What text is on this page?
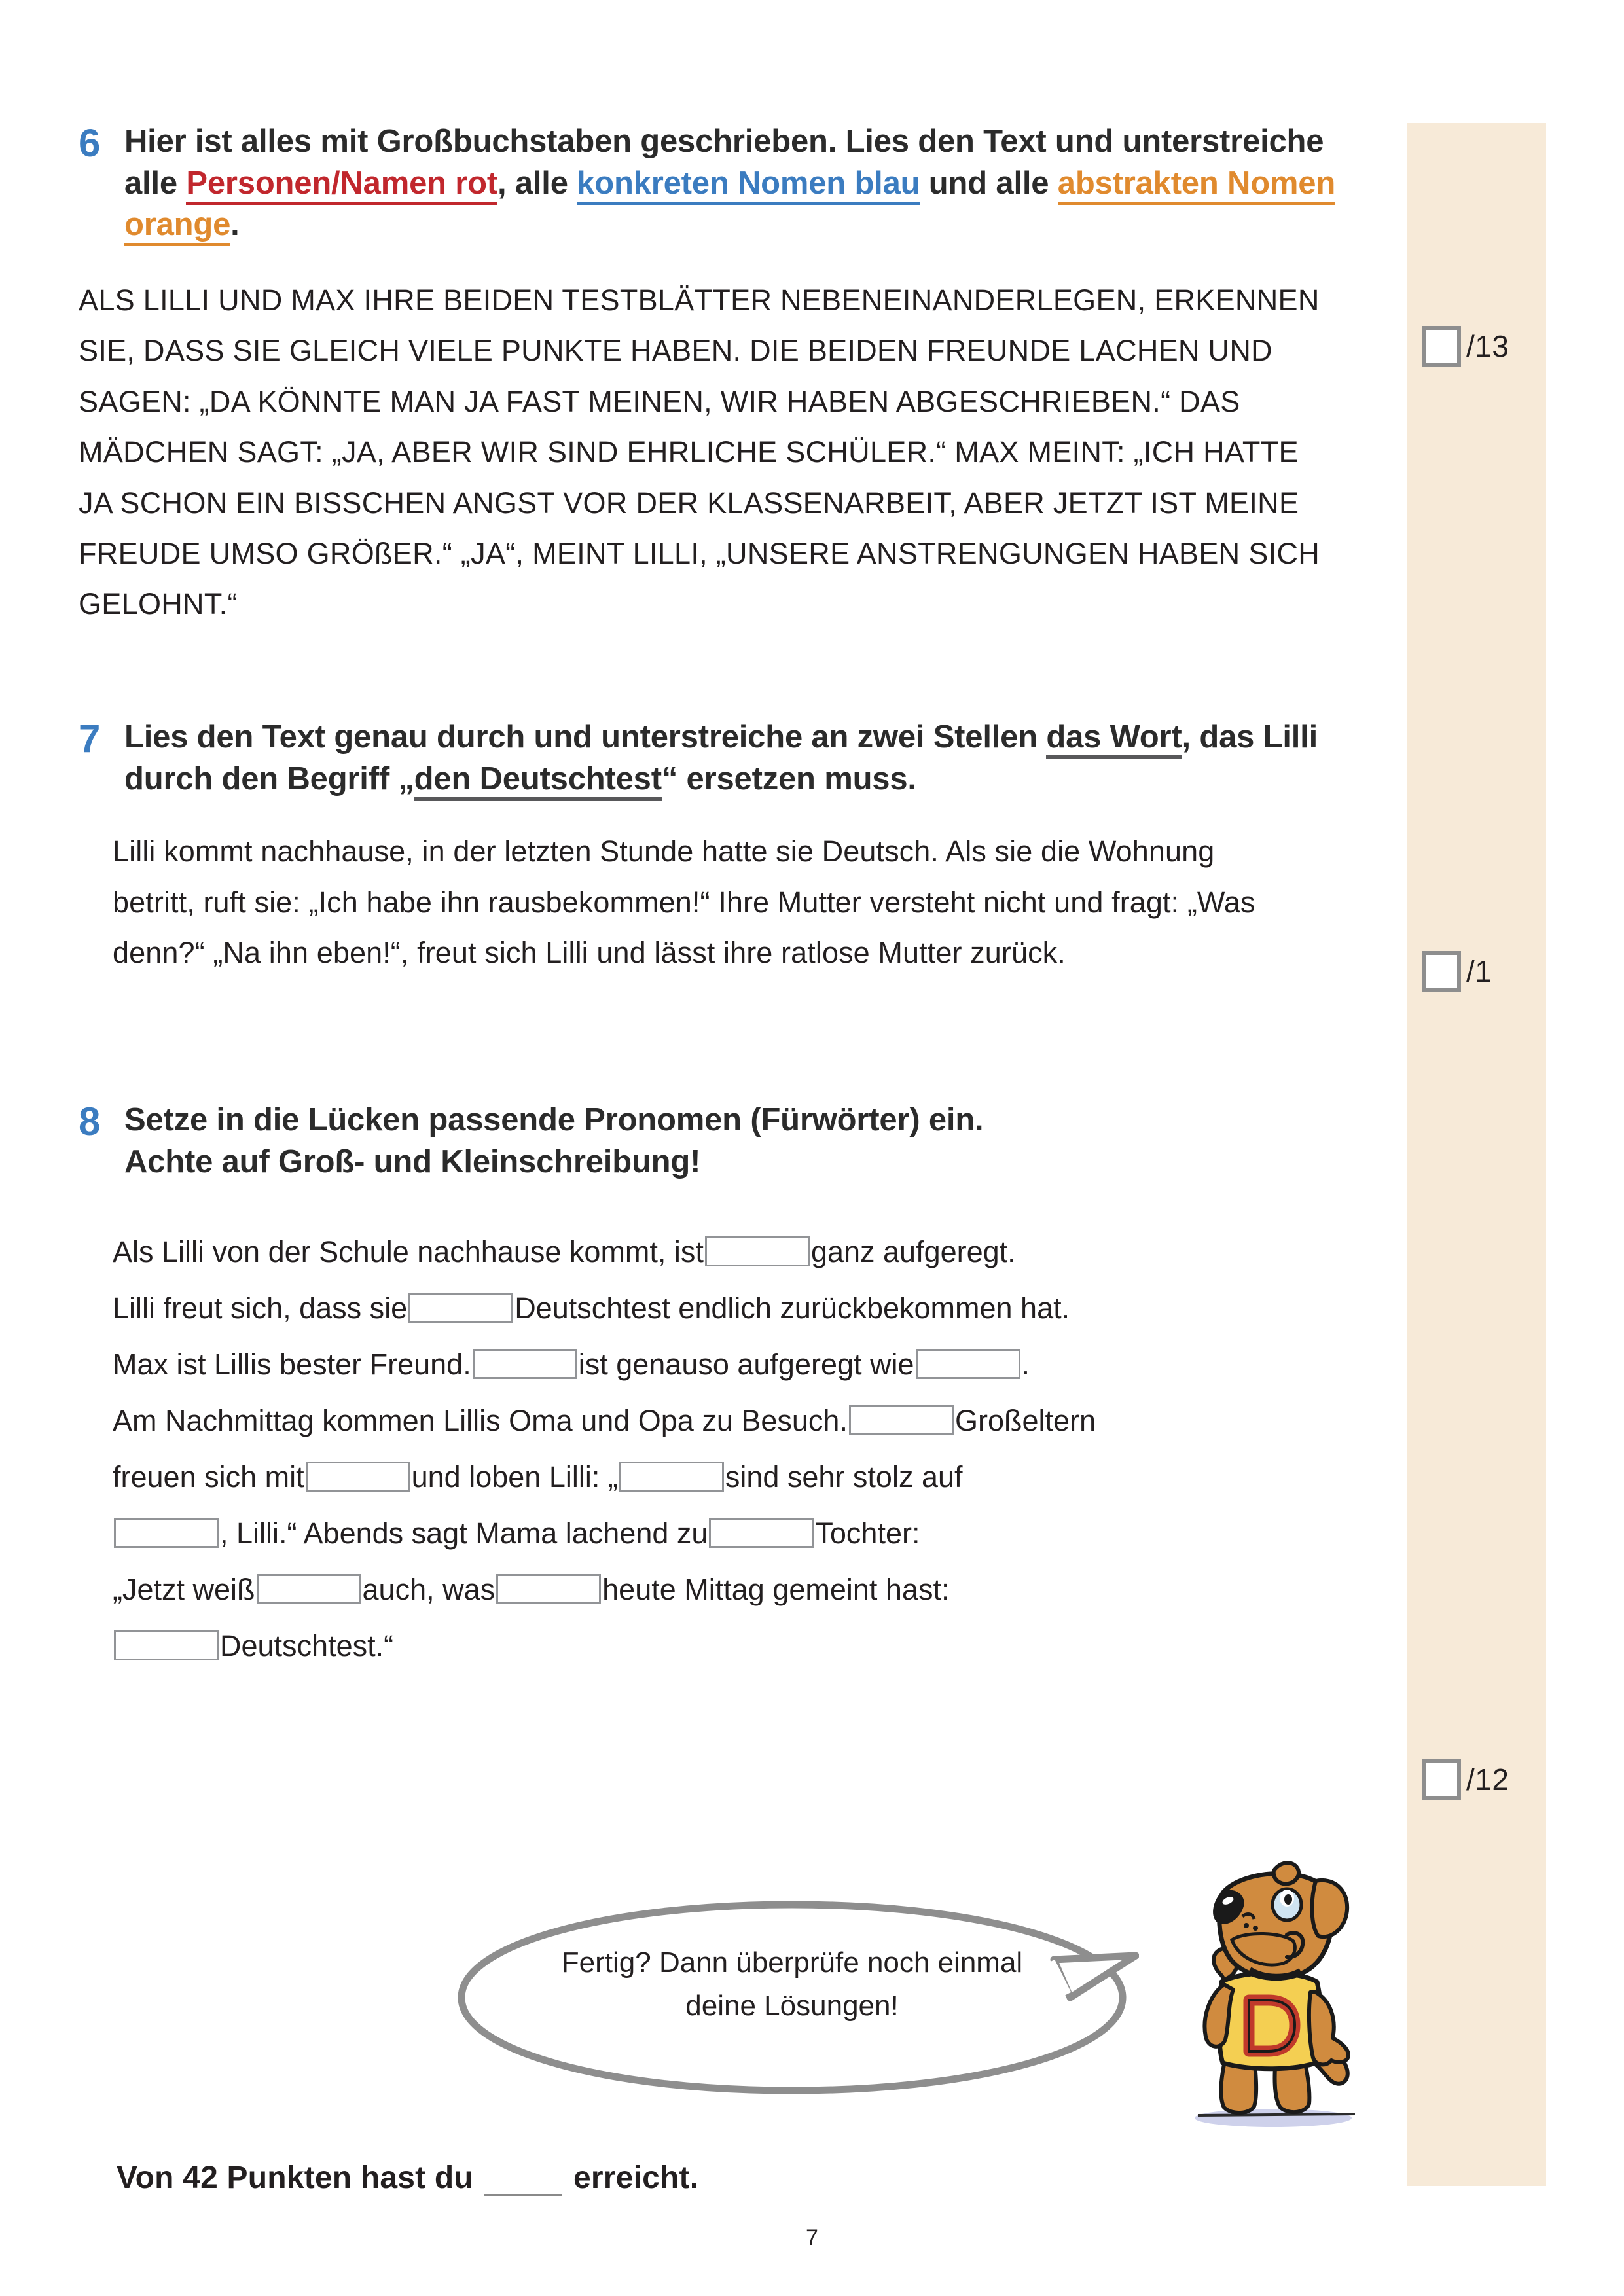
/13
/1
/12
6 Hier ist alles mit Großbuchstaben geschrieben. Lies den Text und unterstreiche alle Personen/Namen rot, alle konkreten Nomen blau und alle abstrakten Nomen orange.
ALS LILLI UND MAX IHRE BEIDEN TESTBLÄTTER NEBENEINANDERLEGEN, ERKENNEN SIE, DASS SIE GLEICH VIELE PUNKTE HABEN. DIE BEIDEN FREUNDE LACHEN UND SAGEN: „DA KÖNNTE MAN JA FAST MEINEN, WIR HABEN ABGESCHRIEBEN.“ DAS MÄDCHEN SAGT: „JA, ABER WIR SIND EHRLICHE SCHÜLER.“ MAX MEINT: „ICH HATTE JA SCHON EIN BISSCHEN ANGST VOR DER KLASSENARBEIT, ABER JETZT IST MEINE FREUDE UMSO GRÖßER.“ „JA“, MEINT LILLI, „UNSERE ANSTRENGUNGEN HABEN SICH GELOHNT.“
7 Lies den Text genau durch und unterstreiche an zwei Stellen das Wort, das Lilli durch den Begriff „den Deutschtest“ ersetzen muss.
Lilli kommt nachhause, in der letzten Stunde hatte sie Deutsch. Als sie die Wohnung betritt, ruft sie: „Ich habe ihn rausbekommen!“ Ihre Mutter versteht nicht und fragt: „Was denn?“ „Na ihn eben!“, freut sich Lilli und lässt ihre ratlose Mutter zurück.
8 Setze in die Lücken passende Pronomen (Fürwörter) ein.
Achte auf Groß- und Kleinschreibung!
Als Lilli von der Schule nachhause kommt, ist	ganz aufgeregt.
Lilli freut sich, dass sie	Deutschtest endlich zurückbekommen hat.
Max ist Lillis bester Freund.	ist genauso aufgeregt wie	.
Am Nachmittag kommen Lillis Oma und Opa zu Besuch.	Großeltern
freuen sich mit	und loben Lilli: „	sind sehr stolz auf
, Lilli.“ Abends sagt Mama lachend zu	Tochter:
„Jetzt weiß	auch, was	heute Mittag gemeint hast:
Deutschtest.“
Fertig? Dann überprüfe noch einmal
deine Lösungen!
Von 42 Punkten hast du	erreicht.
7
